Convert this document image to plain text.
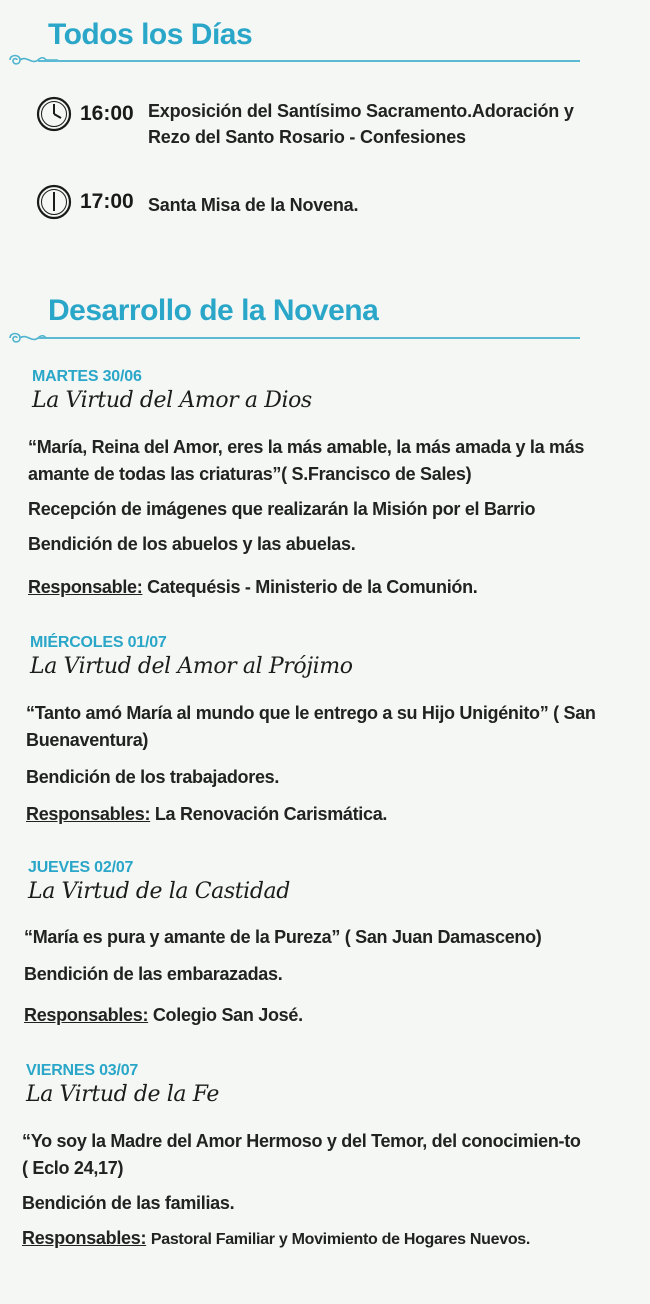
Todos los Días
16:00 Exposición del Santísimo Sacramento.Adoración y Rezo del Santo Rosario - Confesiones
17:00 Santa Misa de la Novena.
Desarrollo de la Novena
MARTES 30/06
La Virtud del Amor a Dios
“María, Reina del Amor, eres la más amable, la más amada y la más amante de todas las criaturas”( S.Francisco de Sales)
Recepción de imágenes que realizarán la Misión por el Barrio
Bendición de los abuelos y las abuelas.
Responsable: Catequésis - Ministerio de la Comunión.
MIÉRCOLES 01/07
La Virtud del Amor al Prójimo
“Tanto amó María al mundo que le entrego a su Hijo Unigénito” ( San Buenaventura)
Bendición de los trabajadores.
Responsables: La Renovación Carismática.
JUEVES 02/07
La Virtud de la Castidad
“María es pura y amante de la Pureza” ( San Juan Damasceno)
Bendición de las embarazadas.
Responsables: Colegio San José.
VIERNES 03/07
La Virtud de la Fe
“Yo soy la Madre del Amor Hermoso y del Temor, del conocimien-to ( Eclo 24,17)
Bendición de las familias.
Responsables: Pastoral Familiar y Movimiento de Hogares Nuevos.
